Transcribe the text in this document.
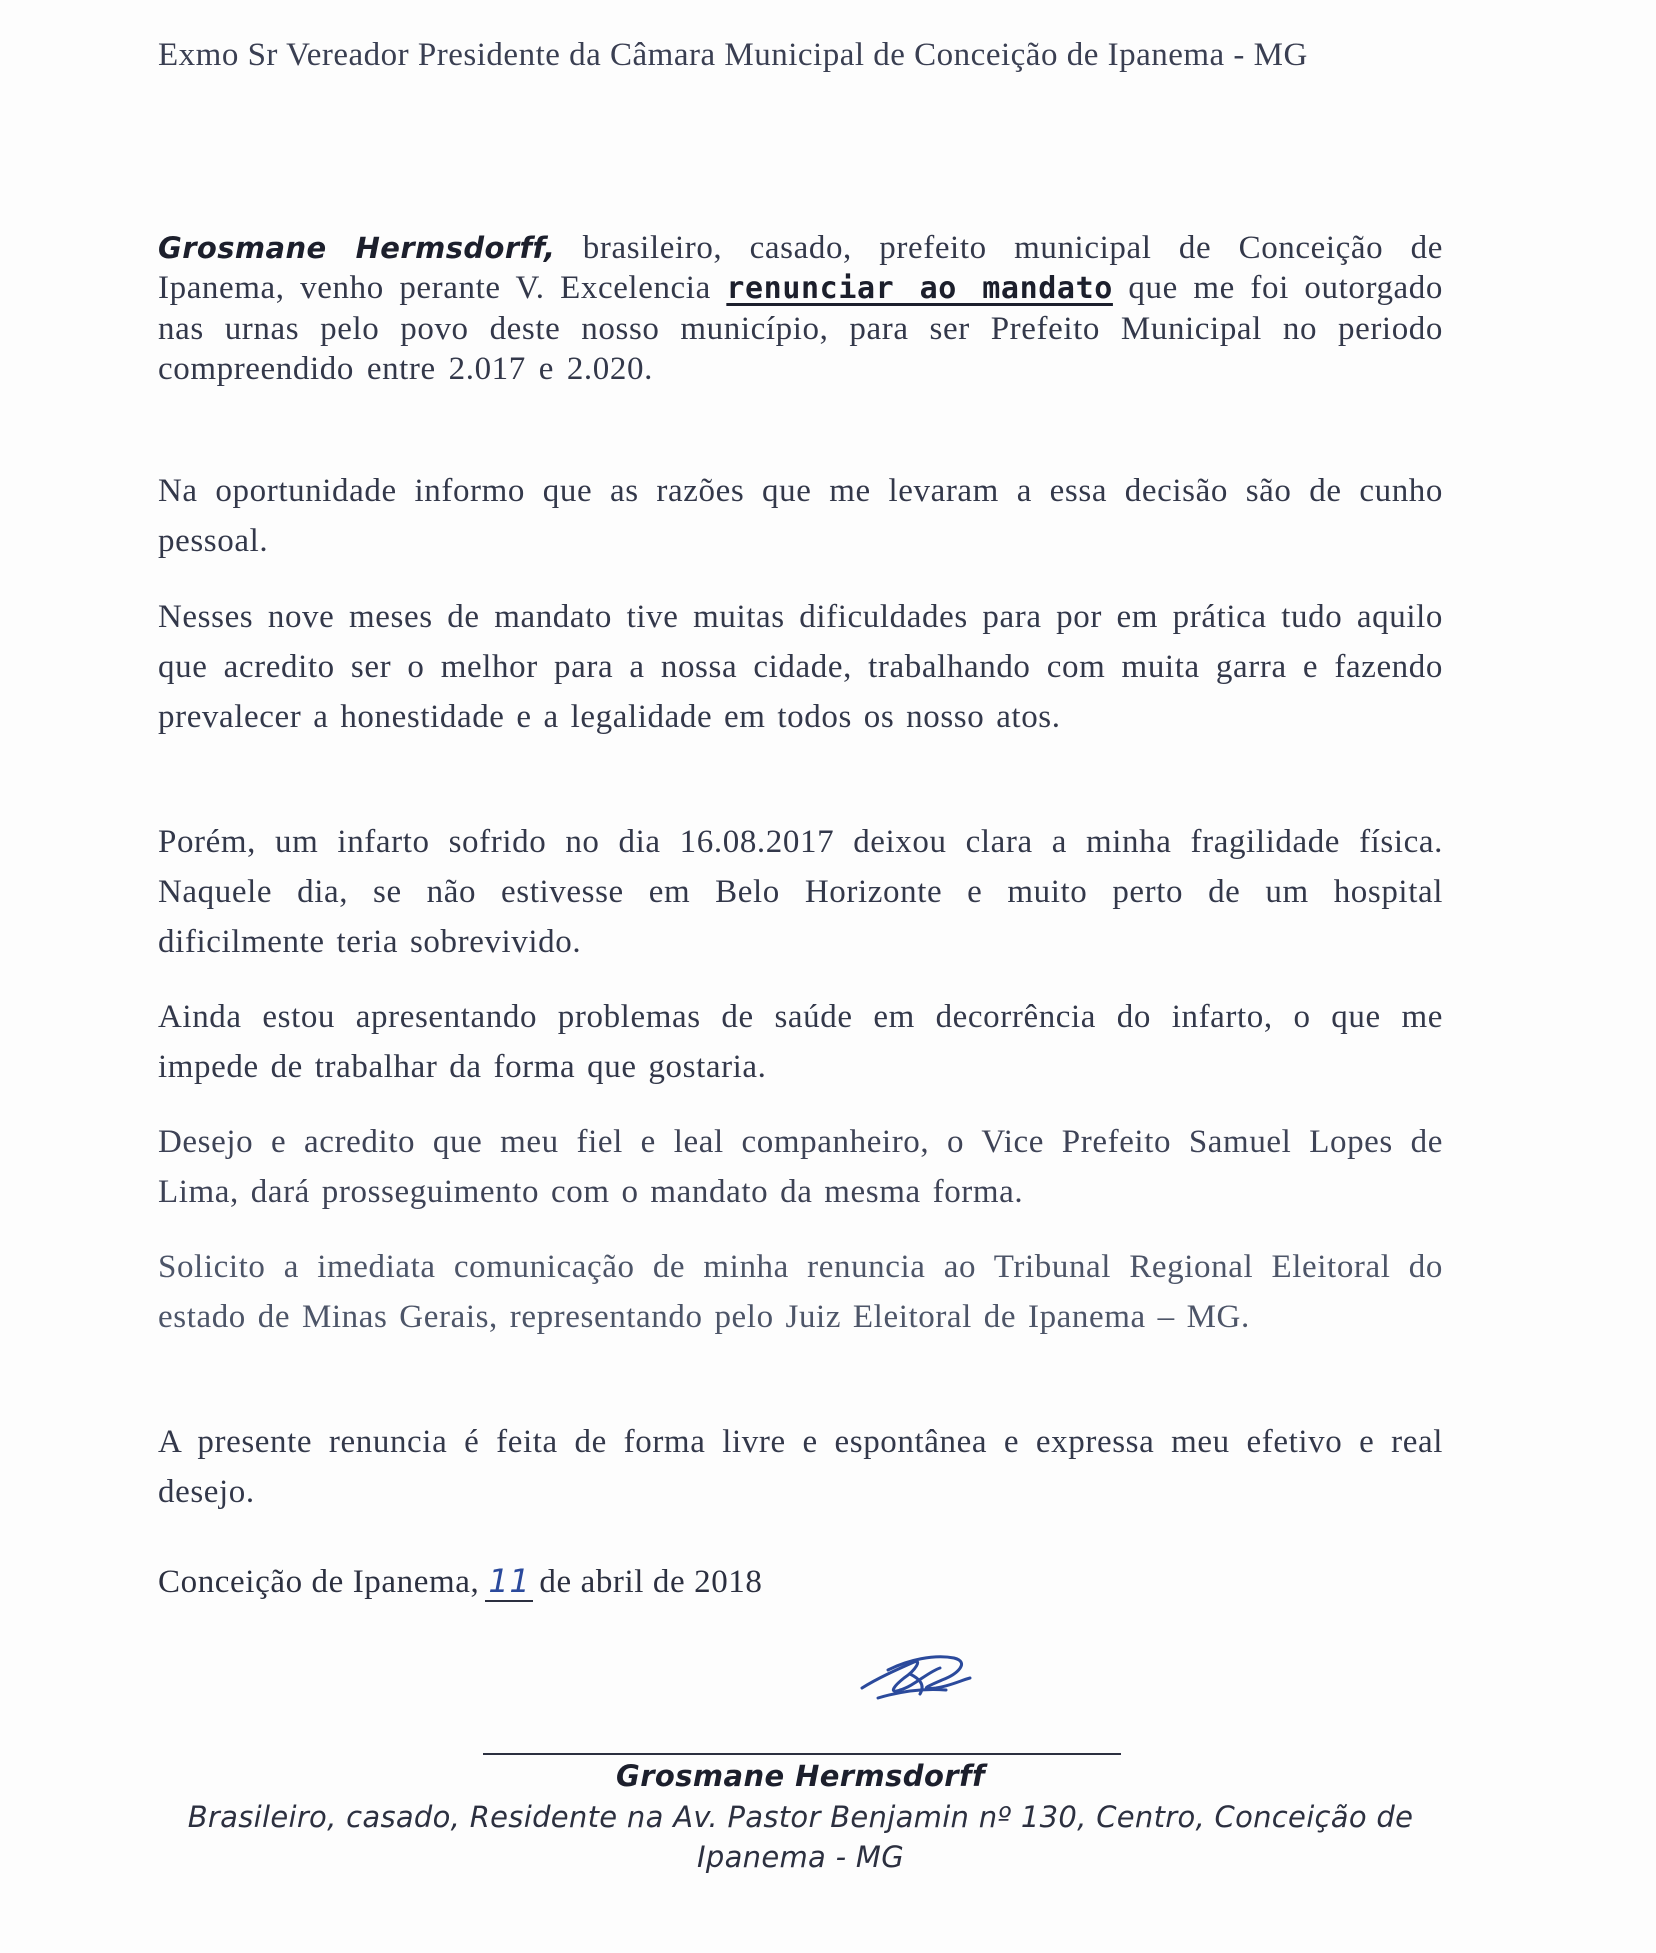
Exmo Sr Vereador Presidente da Câmara Municipal de Conceição de Ipanema - MG
Grosmane Hermsdorff, brasileiro, casado, prefeito municipal de Conceição de Ipanema, venho perante V. Excelencia renunciar ao mandato que me foi outorgado nas urnas pelo povo deste nosso município, para ser Prefeito Municipal no periodo compreendido entre 2.017 e 2.020.
Na oportunidade informo que as razões que me levaram a essa decisão são de cunho pessoal.
Nesses nove meses de mandato tive muitas dificuldades para por em prática tudo aquilo que acredito ser o melhor para a nossa cidade, trabalhando com muita garra e fazendo prevalecer a honestidade e a legalidade em todos os nosso atos.
Porém, um infarto sofrido no dia 16.08.2017 deixou clara a minha fragilidade física. Naquele dia, se não estivesse em Belo Horizonte e muito perto de um hospital dificilmente teria sobrevivido.
Ainda estou apresentando problemas de saúde em decorrência do infarto, o que me impede de trabalhar da forma que gostaria.
Desejo e acredito que meu fiel e leal companheiro, o Vice Prefeito Samuel Lopes de Lima, dará prosseguimento com o mandato da mesma forma.
Solicito a imediata comunicação de minha renuncia ao Tribunal Regional Eleitoral do estado de Minas Gerais, representando pelo Juiz Eleitoral de Ipanema – MG.
A presente renuncia é feita de forma livre e espontânea e expressa meu efetivo e real desejo.
Conceição de Ipanema, 11 de abril de 2018
Grosmane Hermsdorff
Brasileiro, casado, Residente na Av. Pastor Benjamin nº 130, Centro, Conceição de Ipanema - MG
